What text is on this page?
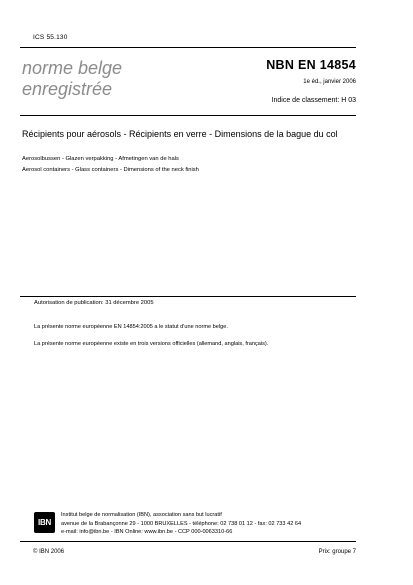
ICS 55.130
norme belge
enregistrée
NBN EN 14854
1e éd., janvier 2006
Indice de classement: H 03
Récipients pour aérosols - Récipients en verre - Dimensions de la bague du col
Aerosolbussen - Glazen verpakking - Afmetingen van de hals
Aerosol containers - Glass containers - Dimensions of the neck finish
Autorisation de publication: 31 décembre 2005
La présente norme européenne EN 14854:2005 a le statut d'une norme belge.
La présente norme européenne existe en trois versions officielles (allemand, anglais, français).
IBN
Institut belge de normalisation (IBN), association sans but lucratif
avenue de la Brabançonne 29 - 1000 BRUXELLES - téléphone: 02 738 01 12 - fax: 02 733 42 64
e-mail: info@ibn.be - IBN Online: www.ibn.be - CCP 000-0063310-66
© IBN 2006	Prix: groupe 7
